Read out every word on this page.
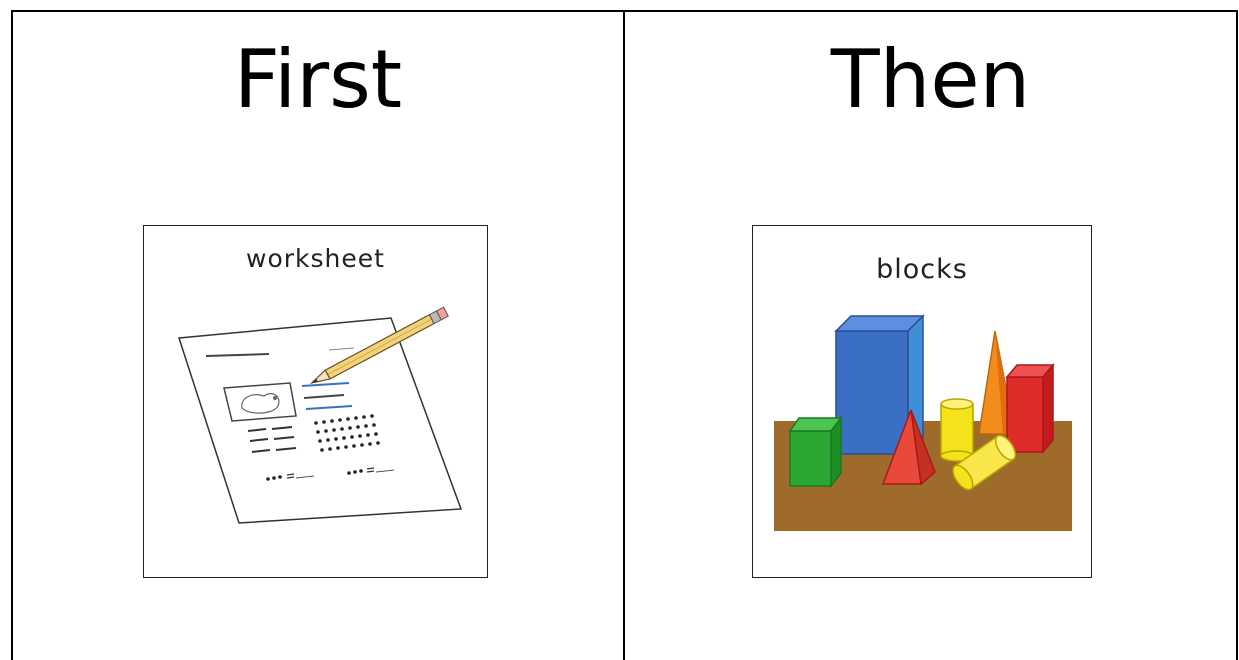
First	Then
worksheet	blocks
